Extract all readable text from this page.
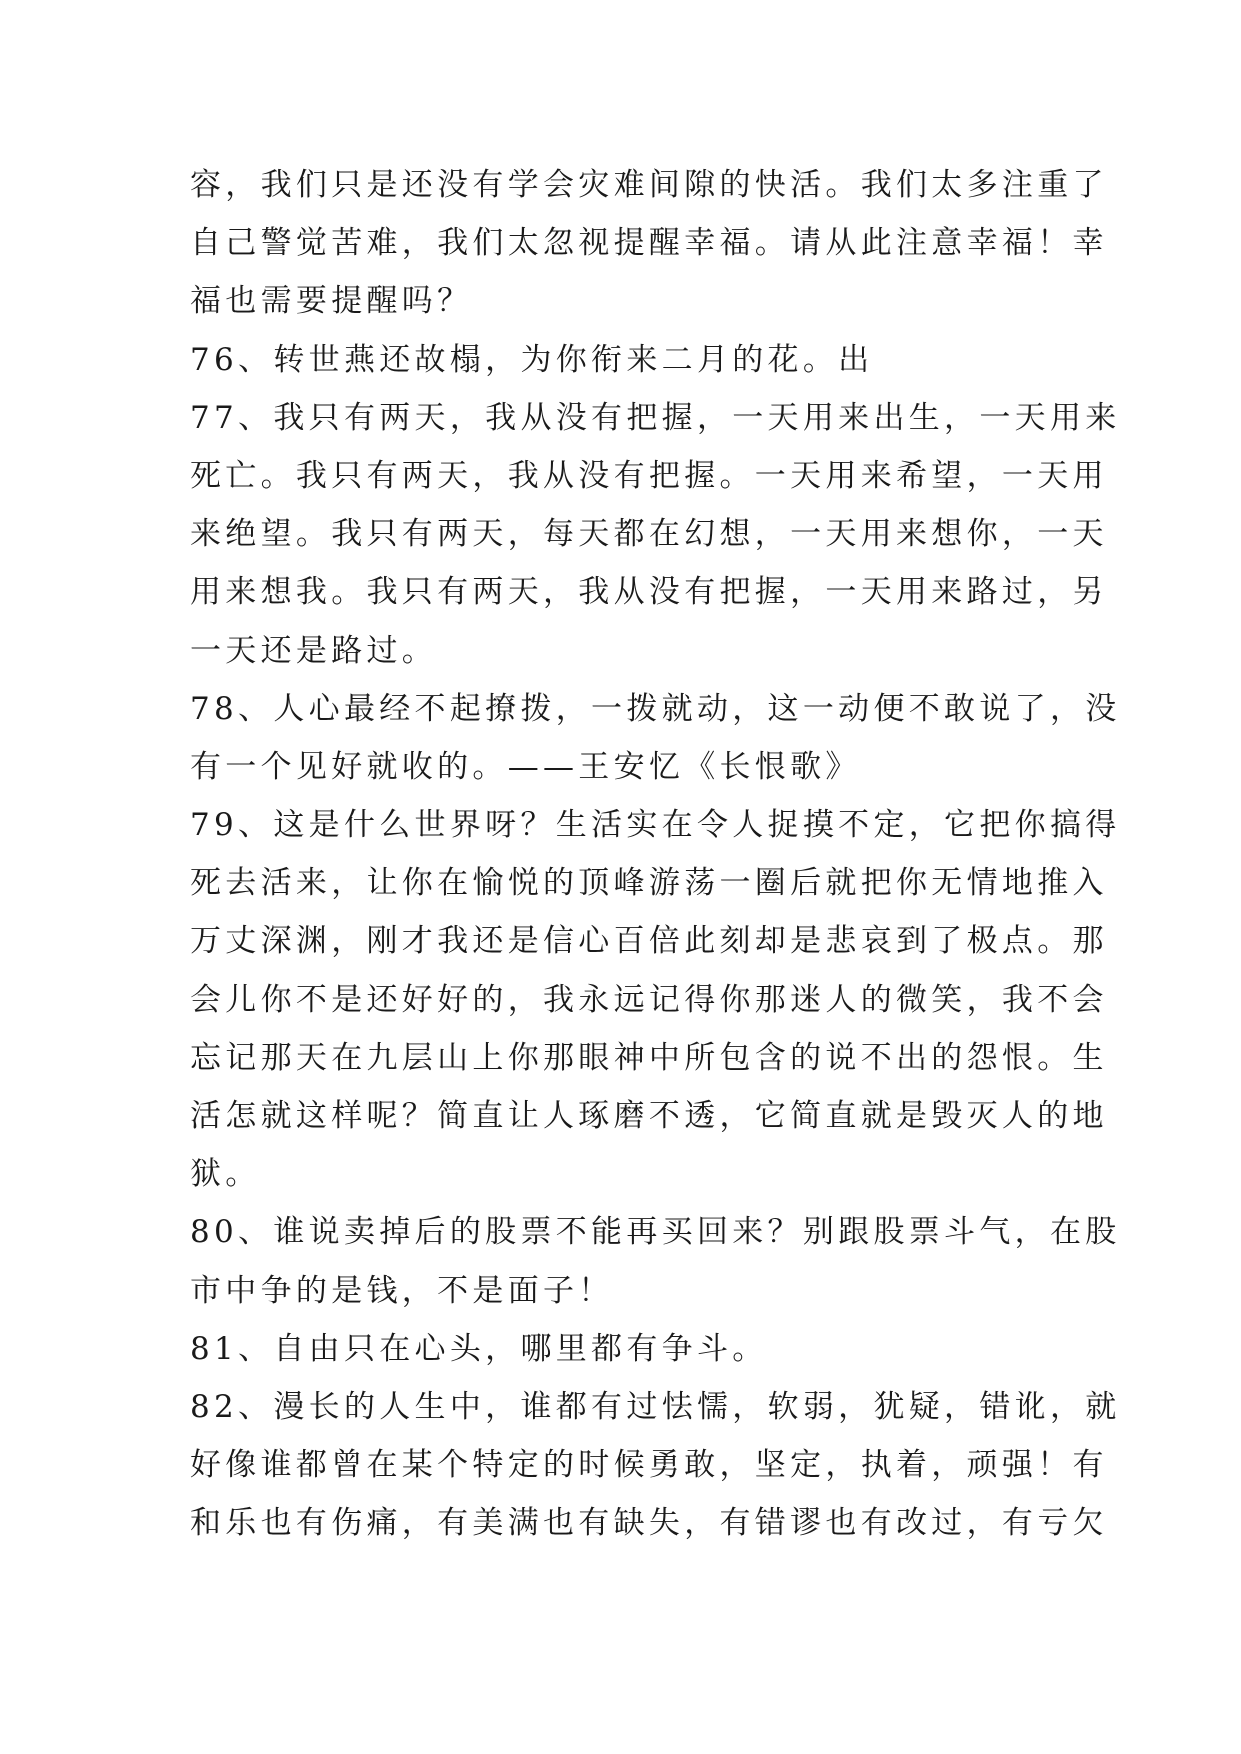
容，我们只是还没有学会灾难间隙的快活。我们太多注重了
自己警觉苦难，我们太忽视提醒幸福。请从此注意幸福！幸
福也需要提醒吗？
76、转世燕还故榻，为你衔来二月的花。出
77、我只有两天，我从没有把握，一天用来出生，一天用来
死亡。我只有两天，我从没有把握。一天用来希望，一天用
来绝望。我只有两天，每天都在幻想，一天用来想你，一天
用来想我。我只有两天，我从没有把握，一天用来路过，另
一天还是路过。
78、人心最经不起撩拨，一拨就动，这一动便不敢说了，没
有一个见好就收的。——王安忆《长恨歌》
79、这是什么世界呀？生活实在令人捉摸不定，它把你搞得
死去活来，让你在愉悦的顶峰游荡一圈后就把你无情地推入
万丈深渊，刚才我还是信心百倍此刻却是悲哀到了极点。那
会儿你不是还好好的，我永远记得你那迷人的微笑，我不会
忘记那天在九层山上你那眼神中所包含的说不出的怨恨。生
活怎就这样呢？简直让人琢磨不透，它简直就是毁灭人的地
狱。
80、谁说卖掉后的股票不能再买回来？别跟股票斗气，在股
市中争的是钱，不是面子！
81、自由只在心头，哪里都有争斗。
82、漫长的人生中，谁都有过怯懦，软弱，犹疑，错讹，就
好像谁都曾在某个特定的时候勇敢，坚定，执着，顽强！有
和乐也有伤痛，有美满也有缺失，有错谬也有改过，有亏欠
